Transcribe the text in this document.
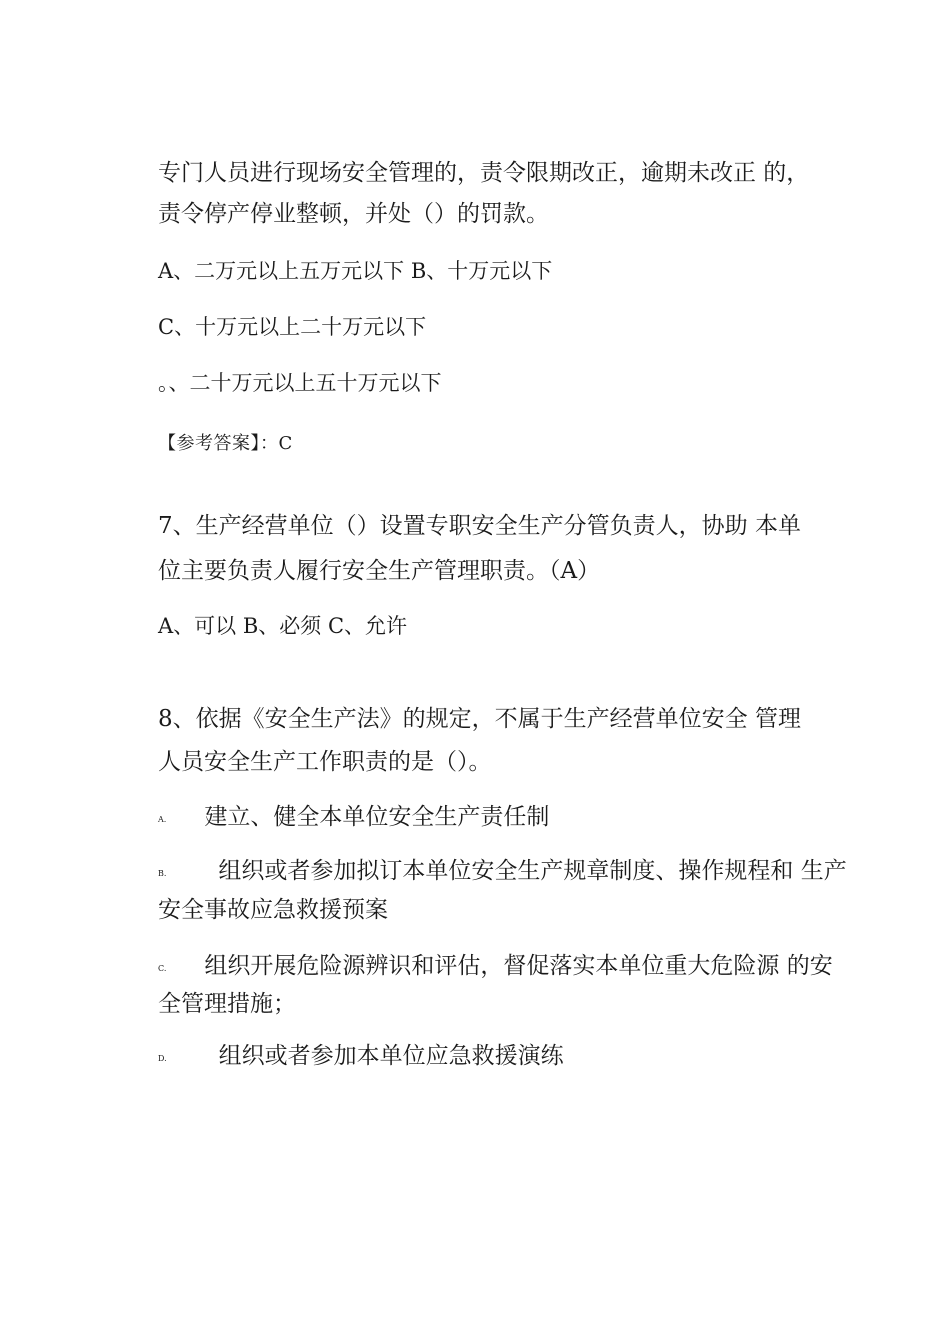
专门人员进行现场安全管理的，责令限期改正，逾期未改正 的，
责令停产停业整顿，并处（）的罚款。
A、二万元以上五万元以下 B、十万元以下
C、十万元以上二十万元以下
。、二十万元以上五十万元以下
【参考答案】：C
7、生产经营单位（）设置专职安全生产分管负责人，协助 本单
位主要负责人履行安全生产管理职责。（A）
A、可以 B、必须 C、允许
8、依据《安全生产法》的规定，不属于生产经营单位安全 管理
人员安全生产工作职责的是（）。
A. 建立、健全本单位安全生产责任制
B. 组织或者参加拟订本单位安全生产规章制度、操作规程和 生产
安全事故应急救援预案
C. 组织开展危险源辨识和评估，督促落实本单位重大危险源 的安
全管理措施；
D. 组织或者参加本单位应急救援演练
